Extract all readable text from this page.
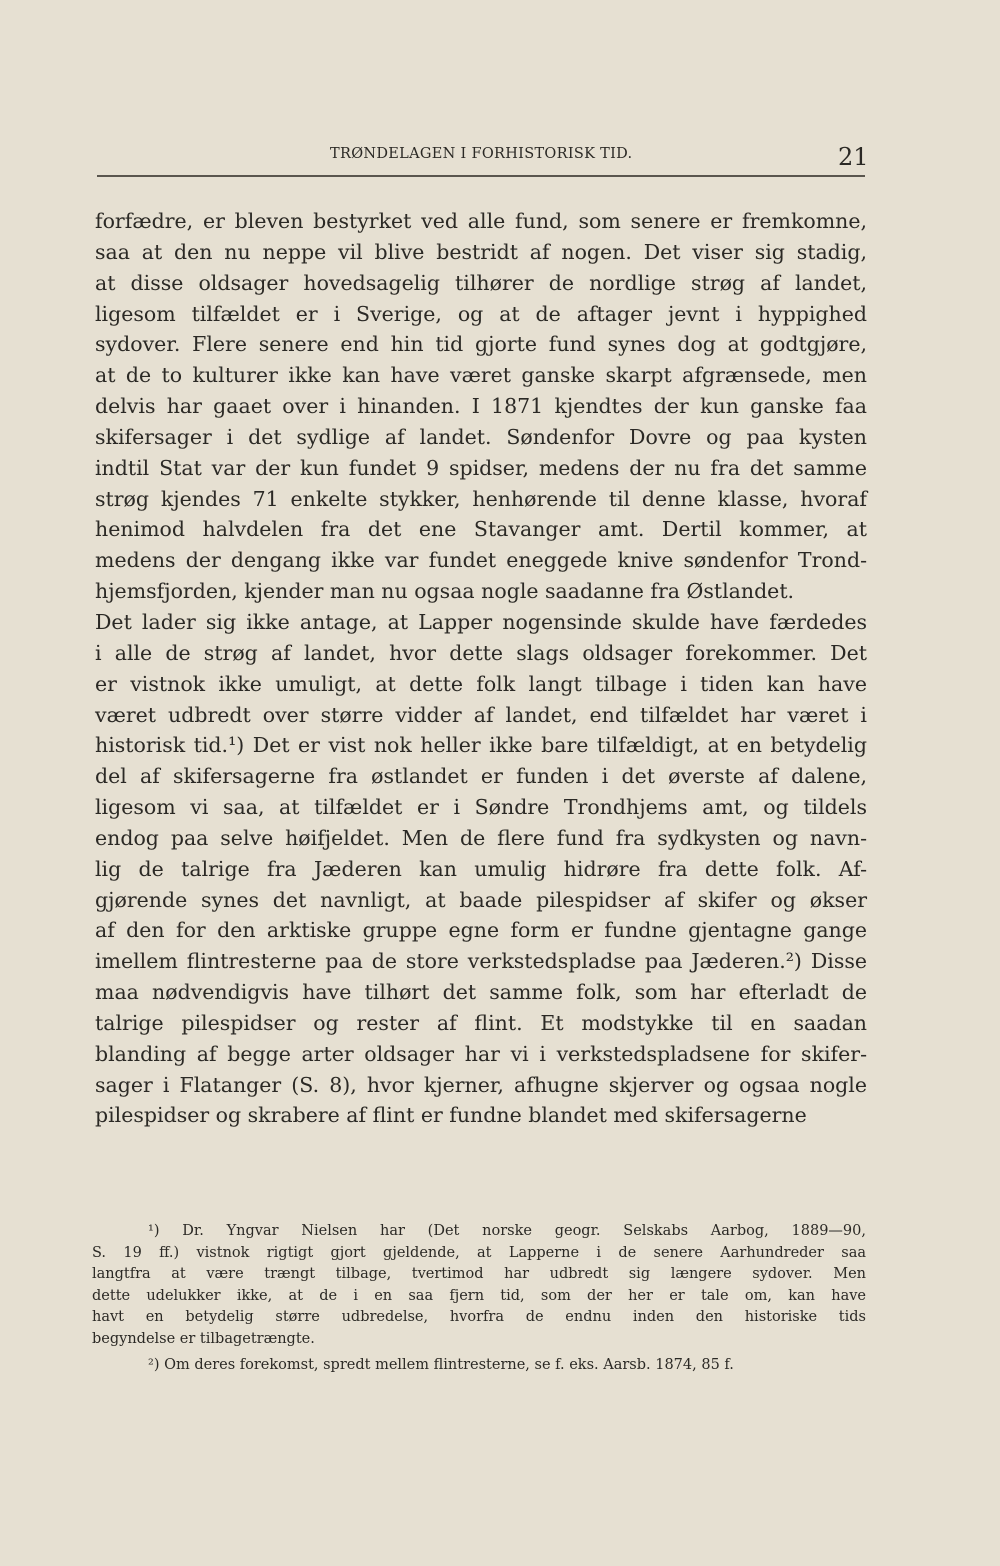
TRØNDELAGEN I FORHISTORISK TID.	21
forfædre, er bleven bestyrket ved alle fund, som senere er fremkomne,
saa at den nu neppe vil blive bestridt af nogen. Det viser sig stadig,
at disse oldsager hovedsagelig tilhører de nordlige strøg af landet,
ligesom tilfældet er i Sverige, og at de aftager jevnt i hyppighed
sydover. Flere senere end hin tid gjorte fund synes dog at godtgjøre,
at de to kulturer ikke kan have været ganske skarpt afgrænsede, men
delvis har gaaet over i hinanden. I 1871 kjendtes der kun ganske faa
skifersager i det sydlige af landet. Søndenfor Dovre og paa kysten
indtil Stat var der kun fundet 9 spidser, medens der nu fra det samme
strøg kjendes 71 enkelte stykker, henhørende til denne klasse, hvoraf
henimod halvdelen fra det ene Stavanger amt. Dertil kommer, at
medens der dengang ikke var fundet eneggede knive søndenfor Trond-
hjemsfjorden, kjender man nu ogsaa nogle saadanne fra Østlandet.
Det lader sig ikke antage, at Lapper nogensinde skulde have færdedes
i alle de strøg af landet, hvor dette slags oldsager forekommer. Det
er vistnok ikke umuligt, at dette folk langt tilbage i tiden kan have
været udbredt over større vidder af landet, end tilfældet har været i
historisk tid.¹) Det er vist nok heller ikke bare tilfældigt, at en betydelig
del af skifersagerne fra østlandet er funden i det øverste af dalene,
ligesom vi saa, at tilfældet er i Søndre Trondhjems amt, og tildels
endog paa selve høifjeldet. Men de flere fund fra sydkysten og navn-
lig de talrige fra Jæderen kan umulig hidrøre fra dette folk. Af-
gjørende synes det navnligt, at baade pilespidser af skifer og økser
af den for den arktiske gruppe egne form er fundne gjentagne gange
imellem flintresterne paa de store verkstedspladse paa Jæderen.²) Disse
maa nødvendigvis have tilhørt det samme folk, som har efterladt de
talrige pilespidser og rester af flint. Et modstykke til en saadan
blanding af begge arter oldsager har vi i verkstedspladsene for skifer-
sager i Flatanger (S. 8), hvor kjerner, afhugne skjerver og ogsaa nogle
pilespidser og skrabere af flint er fundne blandet med skifersagerne
¹) Dr. Yngvar Nielsen har (Det norske geogr. Selskabs Aarbog, 1889—90,
S. 19 ff.) vistnok rigtigt gjort gjeldende, at Lapperne i de senere Aarhundreder saa
langtfra at være trængt tilbage, tvertimod har udbredt sig længere sydover. Men
dette udelukker ikke, at de i en saa fjern tid, som der her er tale om, kan have
havt en betydelig større udbredelse, hvorfra de endnu inden den historiske tids
begyndelse er tilbagetrængte.
²) Om deres forekomst, spredt mellem flintresterne, se f. eks. Aarsb. 1874, 85 f.
